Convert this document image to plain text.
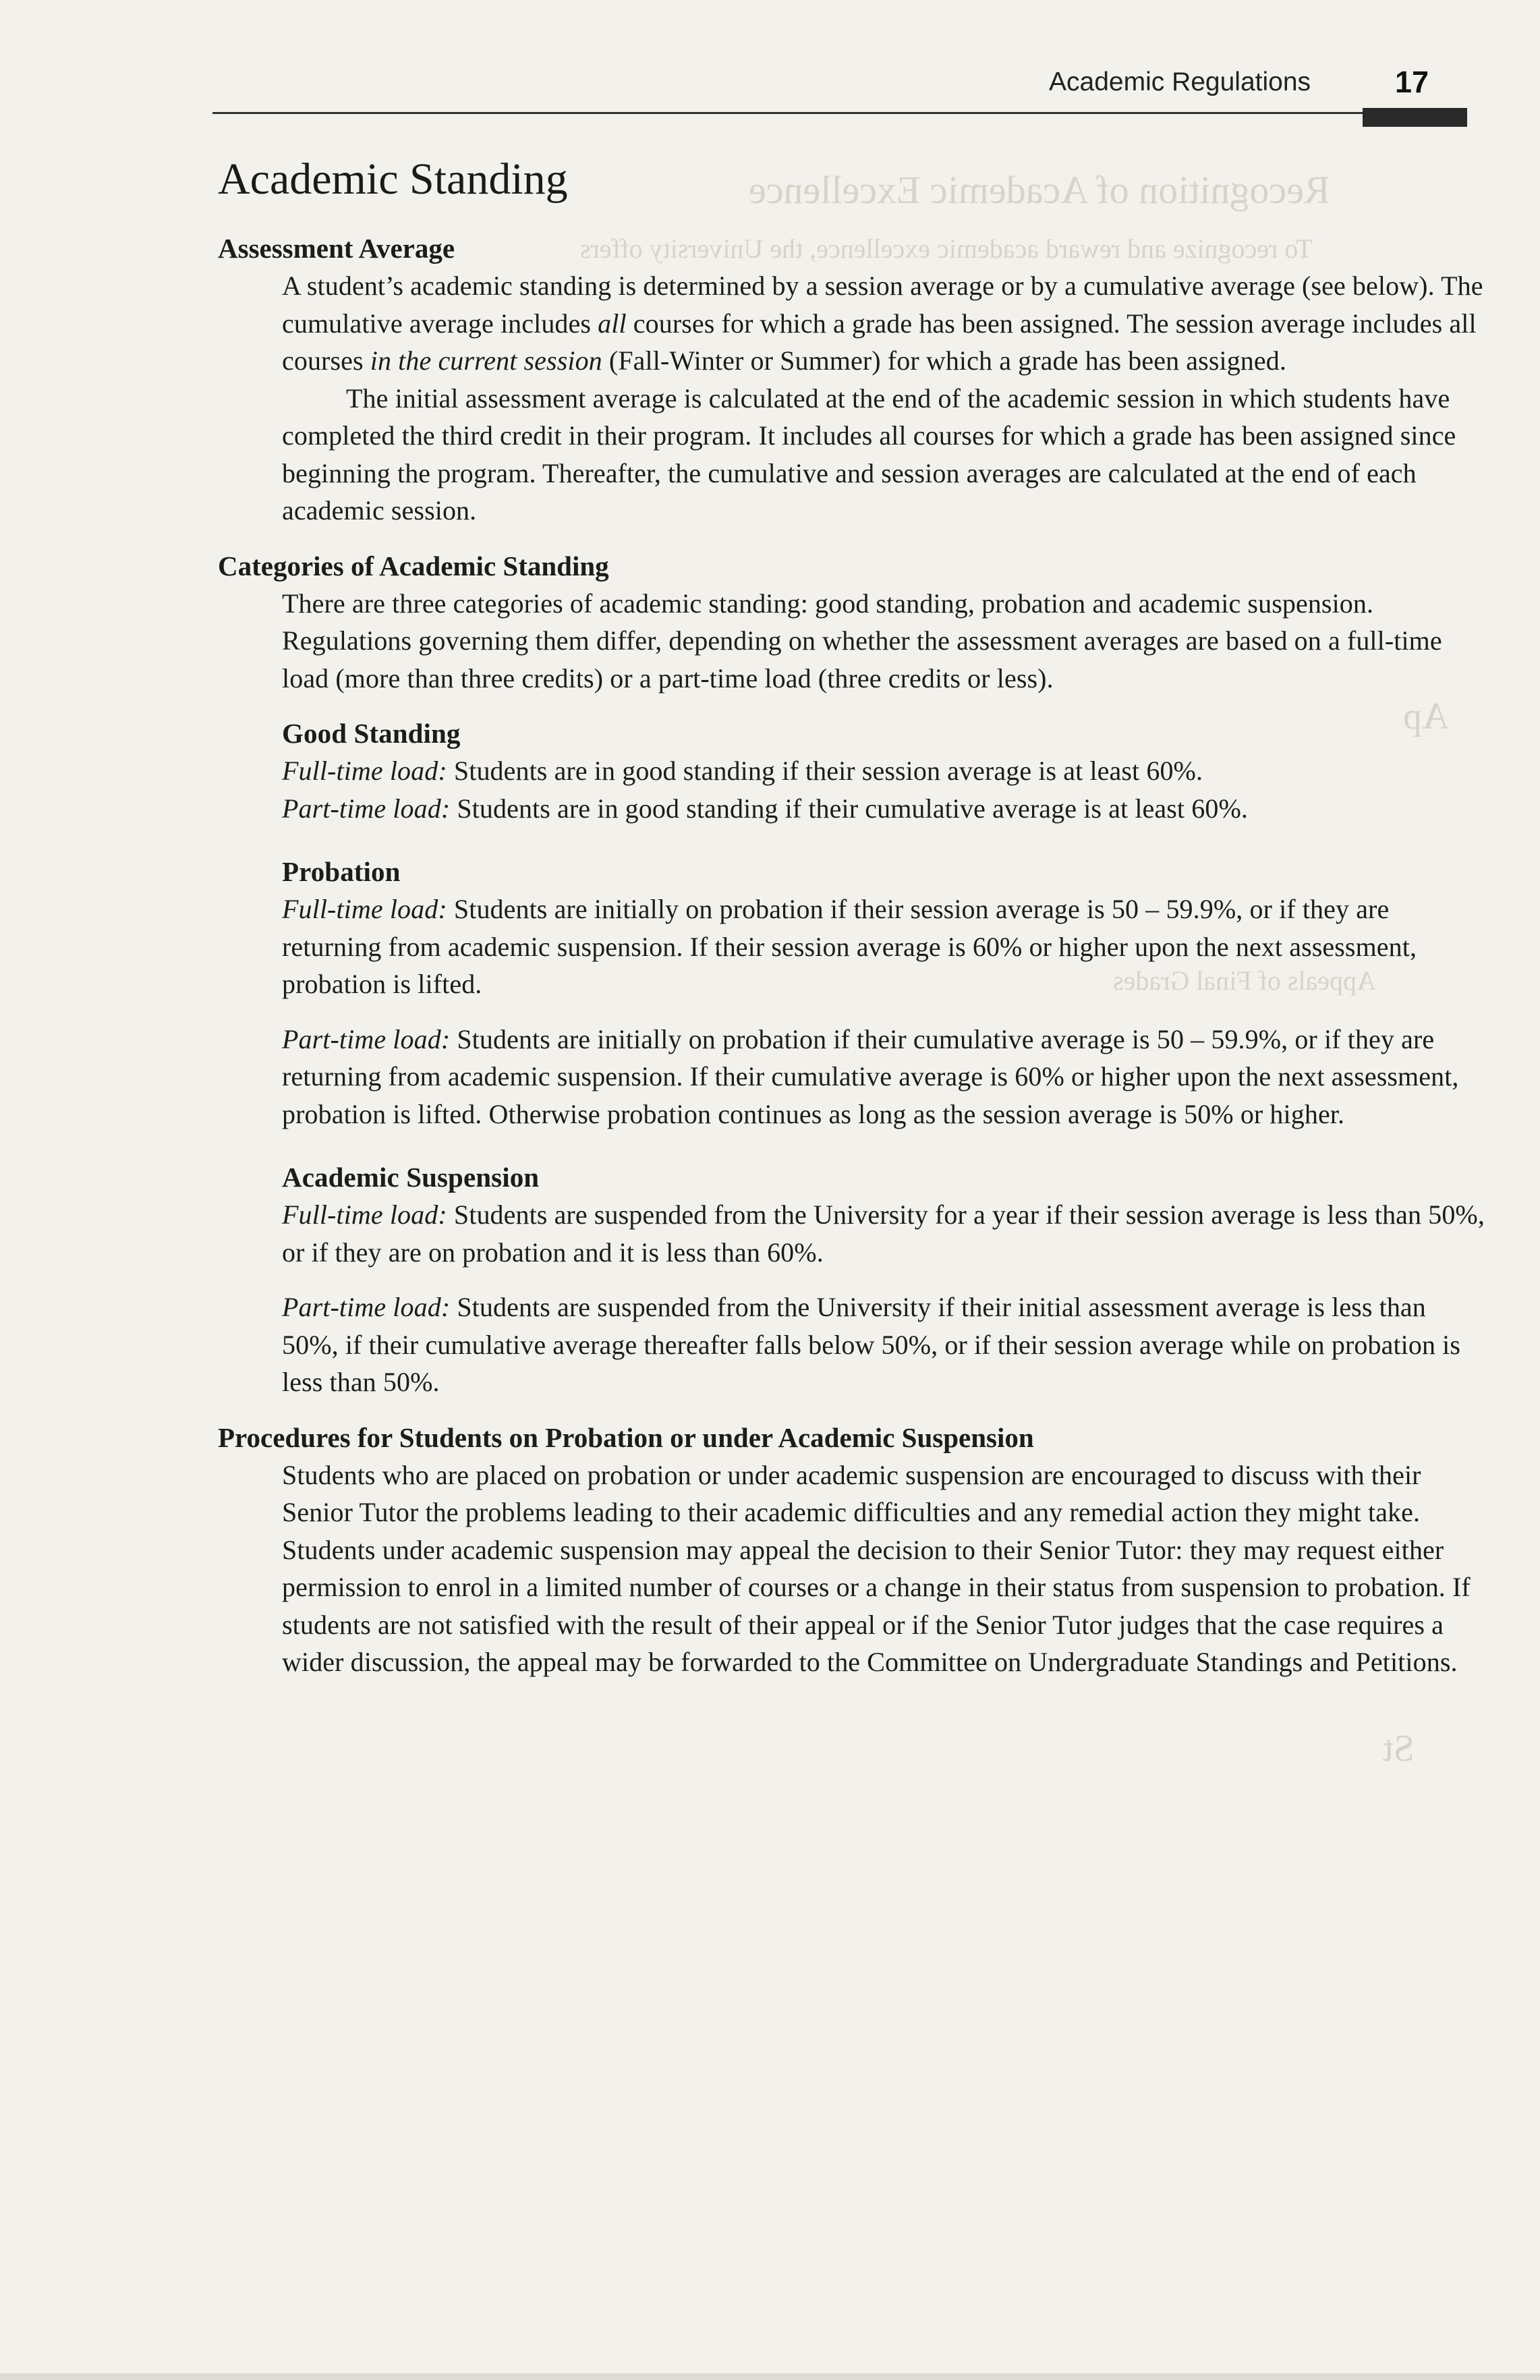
Recognition of Academic Excellence
To recognize and reward academic excellence, the University offers
Ap
Appeals of Final Grades
St
Academic Regulations	17
Academic Standing
Assessment Average

A student’s academic standing is determined by a session average or by a cumulative average (see below). The cumulative average includes all courses for which a grade has been assigned. The session average includes all courses in the current session (Fall-Winter or Summer) for which a grade has been assigned.

The initial assessment average is calculated at the end of the academic session in which students have completed the third credit in their program. It includes all courses for which a grade has been assigned since beginning the program. Thereafter, the cumulative and session averages are calculated at the end of each academic session.

Categories of Academic Standing

There are three categories of academic standing: good standing, probation and academic suspension. Regulations governing them differ, depending on whether the assessment averages are based on a full-time load (more than three credits) or a part-time load (three credits or less).

Good Standing

Full-time load: Students are in good standing if their session average is at least 60%.

Part-time load: Students are in good standing if their cumulative average is at least 60%.

Probation

Full-time load: Students are initially on probation if their session average is 50 – 59.9%, or if they are returning from academic suspension. If their session average is 60% or higher upon the next assessment, probation is lifted.

Part-time load: Students are initially on probation if their cumulative average is 50 – 59.9%, or if they are returning from academic suspension. If their cumulative average is 60% or higher upon the next assessment, probation is lifted. Otherwise probation continues as long as the session average is 50% or higher.

Academic Suspension

Full-time load: Students are suspended from the University for a year if their session average is less than 50%, or if they are on probation and it is less than 60%.

Part-time load: Students are suspended from the University if their initial assessment average is less than 50%, if their cumulative average thereafter falls below 50%, or if their session average while on probation is less than 50%.

Procedures for Students on Probation or under Academic Suspension

Students who are placed on probation or under academic suspension are encouraged to discuss with their Senior Tutor the problems leading to their academic difficulties and any remedial action they might take. Students under academic suspension may appeal the decision to their Senior Tutor: they may request either permission to enrol in a limited number of courses or a change in their status from suspension to probation. If students are not satisfied with the result of their appeal or if the Senior Tutor judges that the case requires a wider discussion, the appeal may be forwarded to the Committee on Undergraduate Standings and Petitions.
